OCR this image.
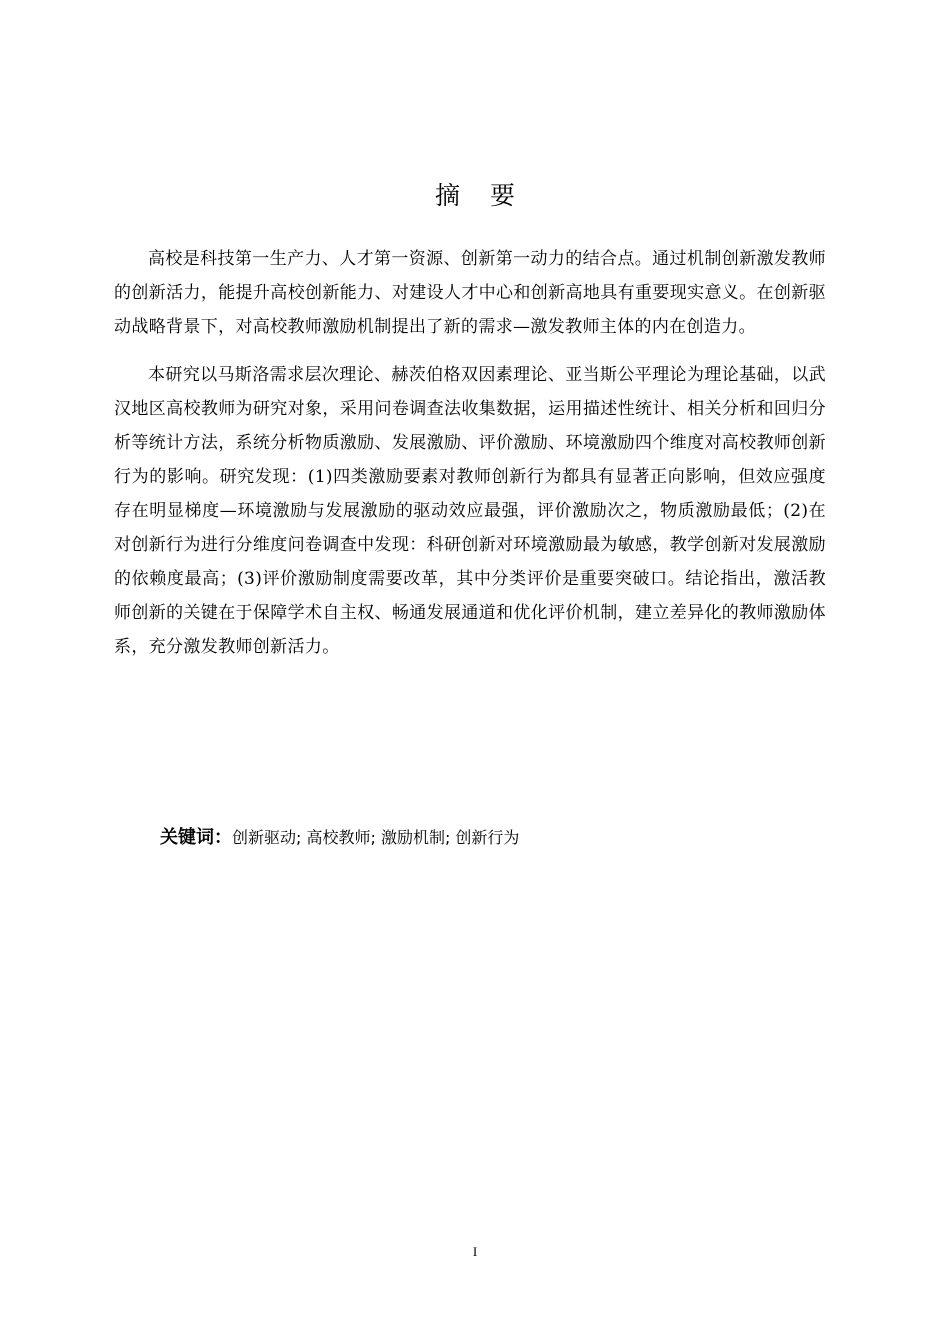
摘要

高校是科技第一生产力、人才第一资源、创新第一动力的结合点。通过机制创新激发教师的创新活力，能提升高校创新能力、对建设人才中心和创新高地具有重要现实意义。在创新驱动战略背景下，对高校教师激励机制提出了新的需求—激发教师主体的内在创造力。

本研究以马斯洛需求层次理论、赫茨伯格双因素理论、亚当斯公平理论为理论基础，以武汉地区高校教师为研究对象，采用问卷调查法收集数据，运用描述性统计、相关分析和回归分析等统计方法，系统分析物质激励、发展激励、评价激励、环境激励四个维度对高校教师创新行为的影响。研究发现：(1)四类激励要素对教师创新行为都具有显著正向影响，但效应强度存在明显梯度—环境激励与发展激励的驱动效应最强，评价激励次之，物质激励最低；(2)在对创新行为进行分维度问卷调查中发现：科研创新对环境激励最为敏感，教学创新对发展激励的依赖度最高；(3)评价激励制度需要改革，其中分类评价是重要突破口。结论指出，激活教师创新的关键在于保障学术自主权、畅通发展通道和优化评价机制，建立差异化的教师激励体系，充分激发教师创新活力。

关键词：创新驱动; 高校教师; 激励机制; 创新行为
I
